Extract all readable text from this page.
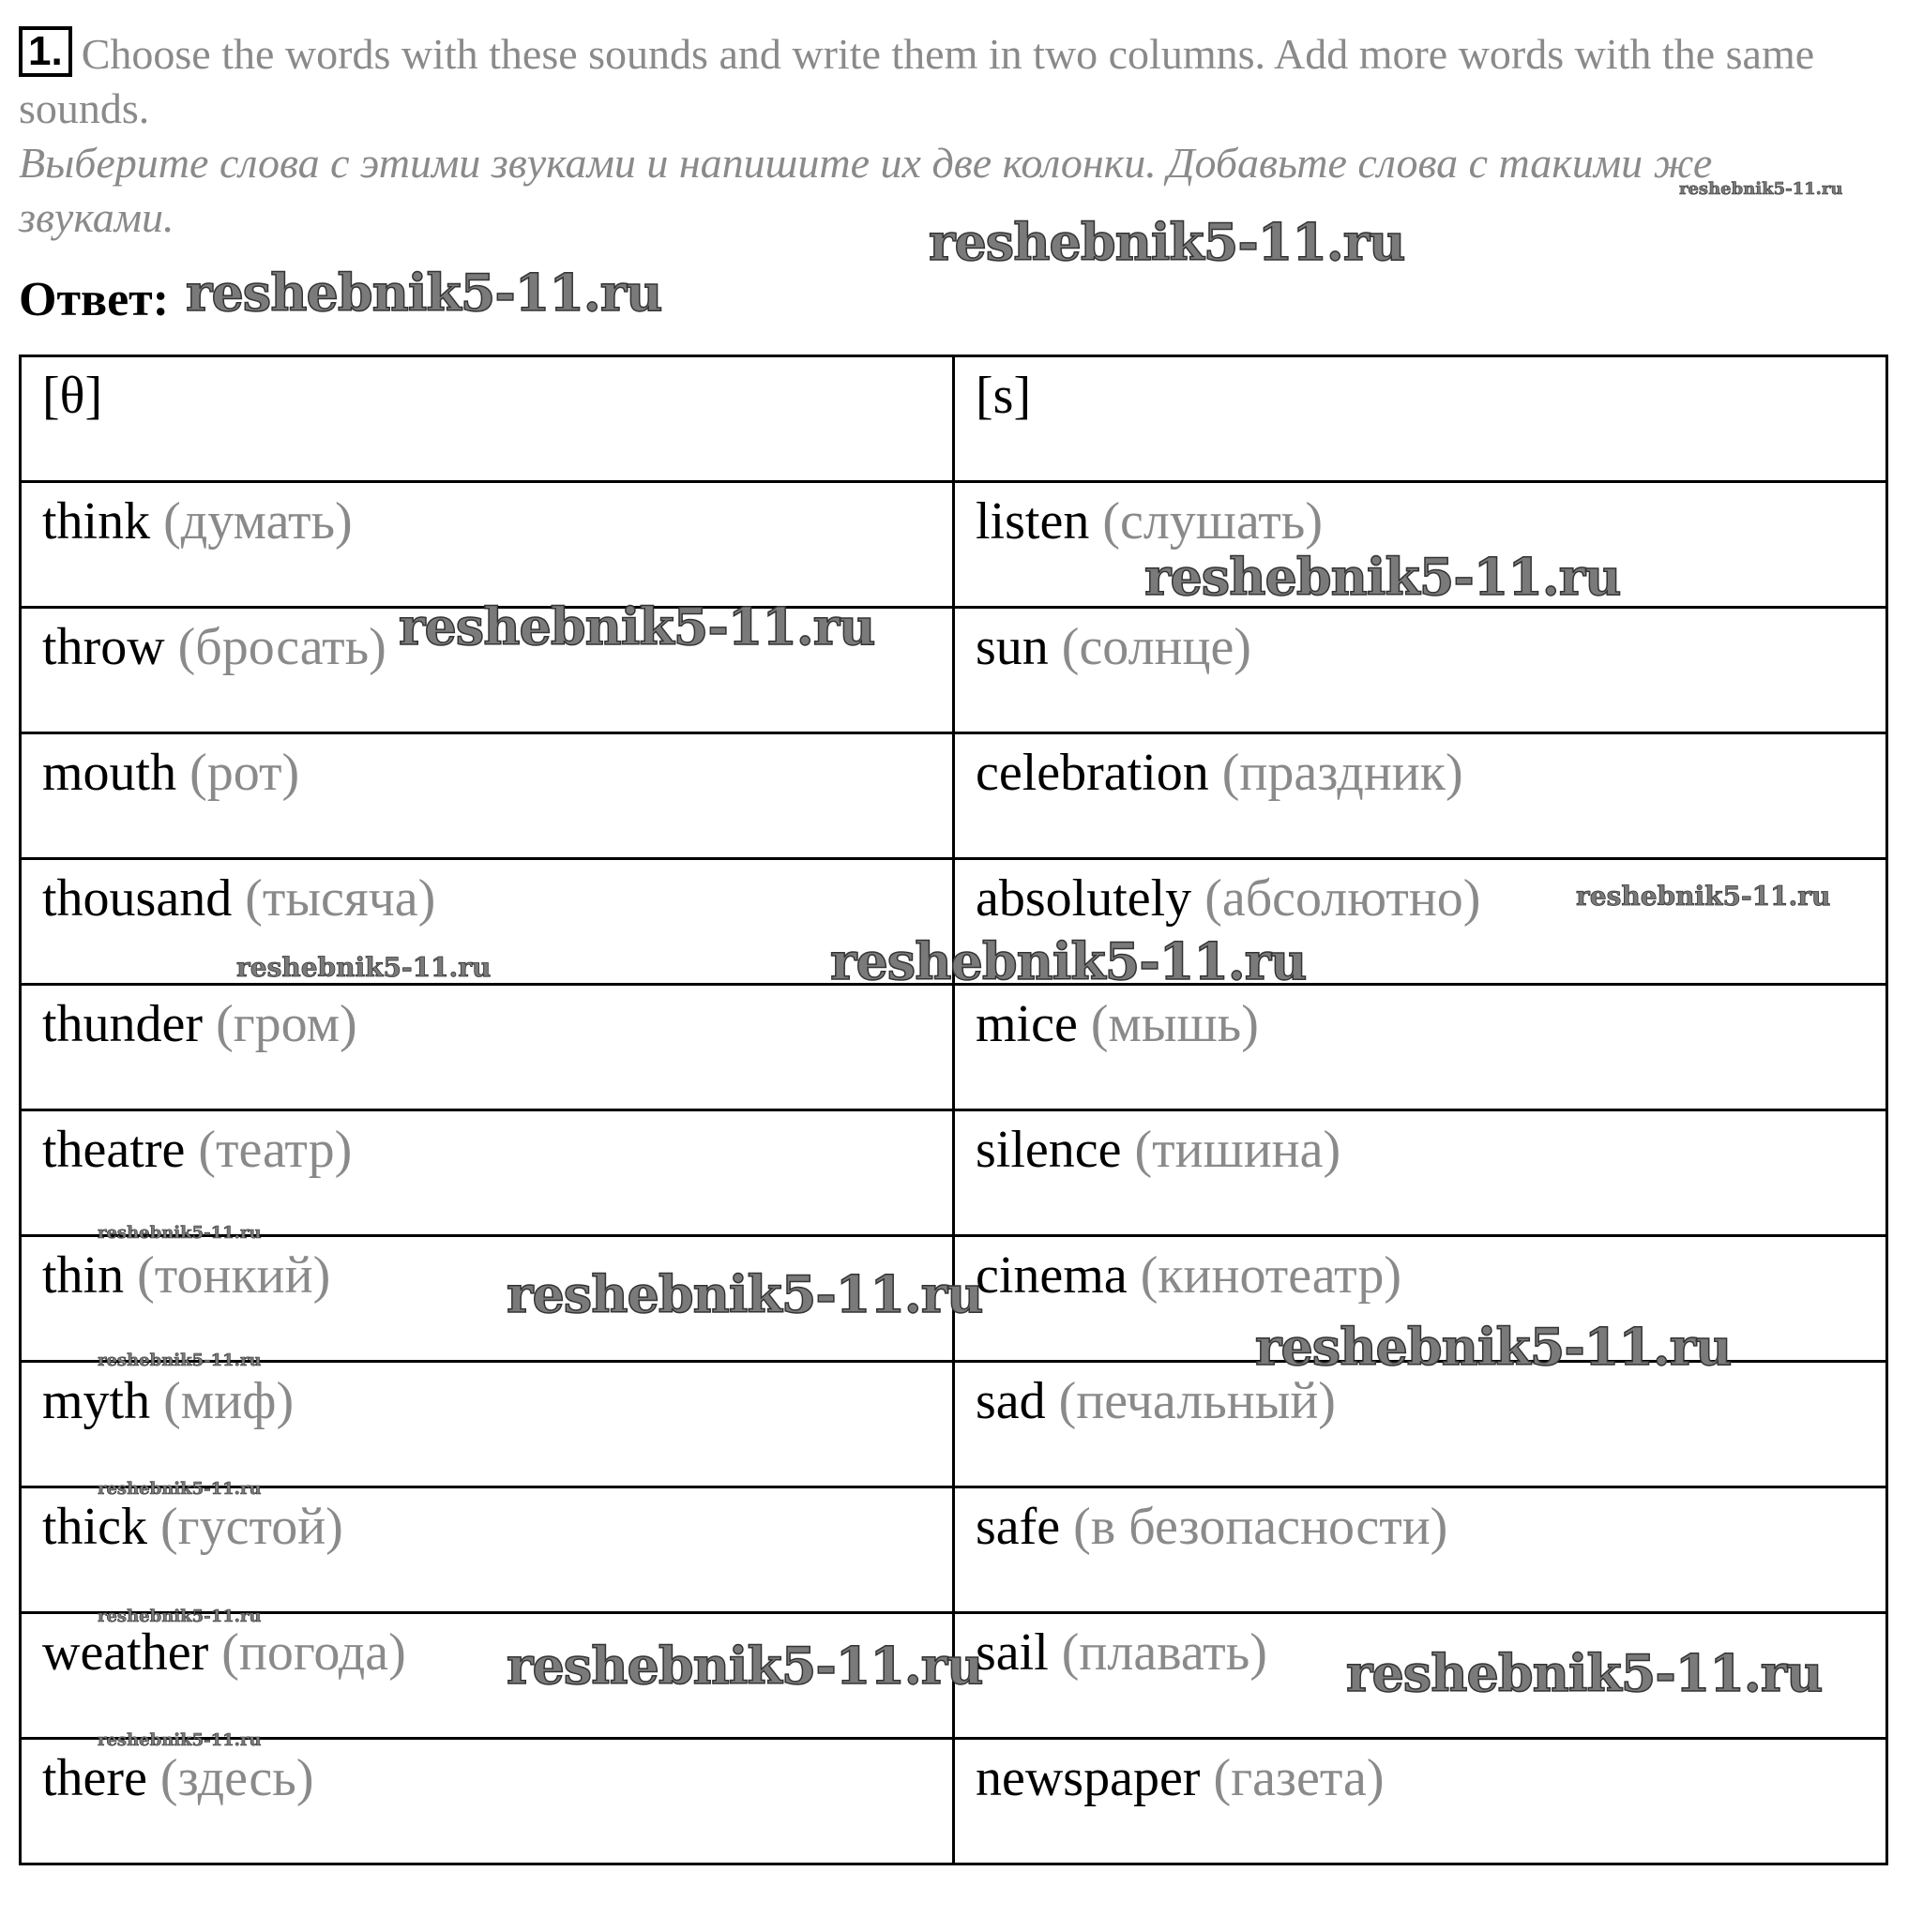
1. Choose the words with these sounds and write them in two columns. Add more words with the same sounds.
Выберите слова с этими звуками и напишите их две колонки. Добавьте слова с такими же звуками.
Ответ:
[θ]	[s]
think (думать)	listen (слушать)
throw (бросать)	sun (солнце)
mouth (рот)	celebration (праздник)
thousand (тысяча)	absolutely (абсолютно)
thunder (гром)	mice (мышь)
theatre (театр)	silence (тишина)
thin (тонкий)	cinema (кинотеатр)
myth (миф)	sad (печальный)
thick (густой)	safe (в безопасности)
weather (погода)	sail (плавать)
there (здесь)	newspaper (газета)
reshebnik5-11.ru
reshebnik5-11.ru
reshebnik5-11.ru
reshebnik5-11.ru
reshebnik5-11.ru
reshebnik5-11.ru
reshebnik5-11.ru	reshebnik5-11.ru
reshebnik5-11.ru
reshebnik5-11.ru
reshebnik5-11.ru
reshebnik5-11.ru
reshebnik5-11.ru
reshebnik5-11.ru
reshebnik5-11.ru	reshebnik5-11.ru
reshebnik5-11.ru
